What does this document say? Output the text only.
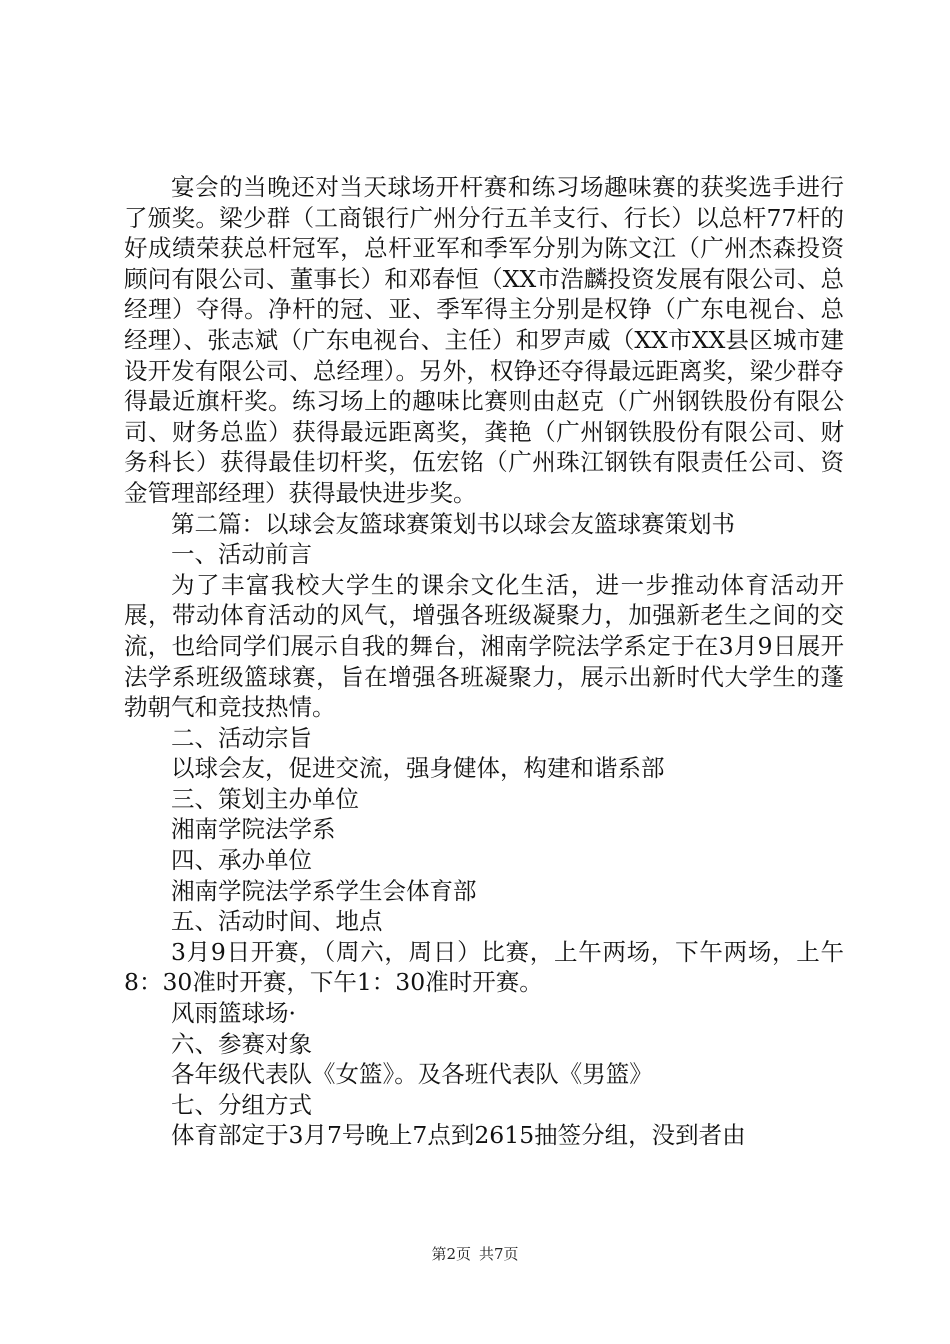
宴会的当晚还对当天球场开杆赛和练习场趣味赛的获奖选手进行了颁奖。梁少群（工商银行广州分行五羊支行、行长）以总杆77杆的好成绩荣获总杆冠军，总杆亚军和季军分别为陈文江（广州杰森投资顾问有限公司、董事长）和邓春恒（XX市浩麟投资发展有限公司、总经理）夺得。净杆的冠、亚、季军得主分别是权铮（广东电视台、总经理）、张志斌（广东电视台、主任）和罗声威（XX市XX县区城市建设开发有限公司、总经理）。另外，权铮还夺得最远距离奖，梁少群夺得最近旗杆奖。练习场上的趣味比赛则由赵克（广州钢铁股份有限公司、财务总监）获得最远距离奖，龚艳（广州钢铁股份有限公司、财务科长）获得最佳切杆奖，伍宏铭（广州珠江钢铁有限责任公司、资金管理部经理）获得最快进步奖。

第二篇：以球会友篮球赛策划书以球会友篮球赛策划书

一、活动前言

为了丰富我校大学生的课余文化生活，进一步推动体育活动开展，带动体育活动的风气，增强各班级凝聚力，加强新老生之间的交流，也给同学们展示自我的舞台，湘南学院法学系定于在3月9日展开法学系班级篮球赛，旨在增强各班凝聚力，展示出新时代大学生的蓬勃朝气和竞技热情。

二、活动宗旨

以球会友，促进交流，强身健体，构建和谐系部

三、策划主办单位

湘南学院法学系

四、承办单位

湘南学院法学系学生会体育部

五、活动时间、地点

3月9日开赛，（周六，周日）比赛，上午两场，下午两场，上午8：30准时开赛，下午1：30准时开赛。

风雨篮球场·

六、参赛对象

各年级代表队《女篮》。及各班代表队《男篮》

七、分组方式

体育部定于3月7号晚上7点到2615抽签分组，没到者由

第2页 共7页
